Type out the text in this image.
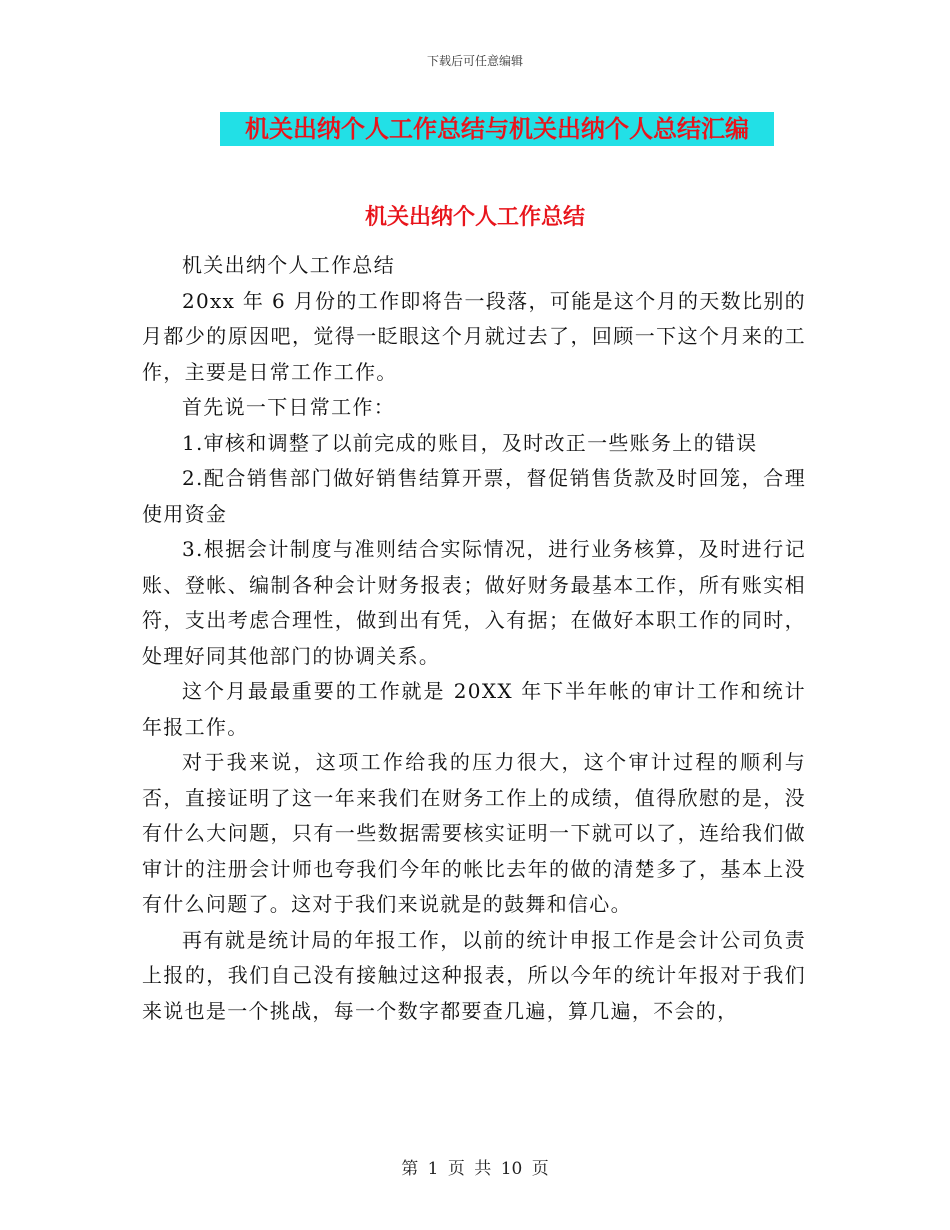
下载后可任意编辑
机关出纳个人工作总结与机关出纳个人总结汇编
机关出纳个人工作总结

机关出纳个人工作总结

20xx 年 6 月份的工作即将告一段落，可能是这个月的天数比别的月都少的原因吧，觉得一眨眼这个月就过去了，回顾一下这个月来的工作，主要是日常工作工作。

首先说一下日常工作：

1.审核和调整了以前完成的账目，及时改正一些账务上的错误

2.配合销售部门做好销售结算开票，督促销售货款及时回笼，合理使用资金

3.根据会计制度与准则结合实际情况，进行业务核算，及时进行记账、登帐、编制各种会计财务报表；做好财务最基本工作，所有账实相符，支出考虑合理性，做到出有凭，入有据；在做好本职工作的同时，处理好同其他部门的协调关系。

这个月最最重要的工作就是 20XX 年下半年帐的审计工作和统计年报工作。

对于我来说，这项工作给我的压力很大，这个审计过程的顺利与否，直接证明了这一年来我们在财务工作上的成绩，值得欣慰的是，没有什么大问题，只有一些数据需要核实证明一下就可以了，连给我们做审计的注册会计师也夸我们今年的帐比去年的做的清楚多了，基本上没有什么问题了。这对于我们来说就是的鼓舞和信心。

再有就是统计局的年报工作，以前的统计申报工作是会计公司负责上报的，我们自己没有接触过这种报表，所以今年的统计年报对于我们来说也是一个挑战，每一个数字都要查几遍，算几遍，不会的，

第 1 页 共 10 页
